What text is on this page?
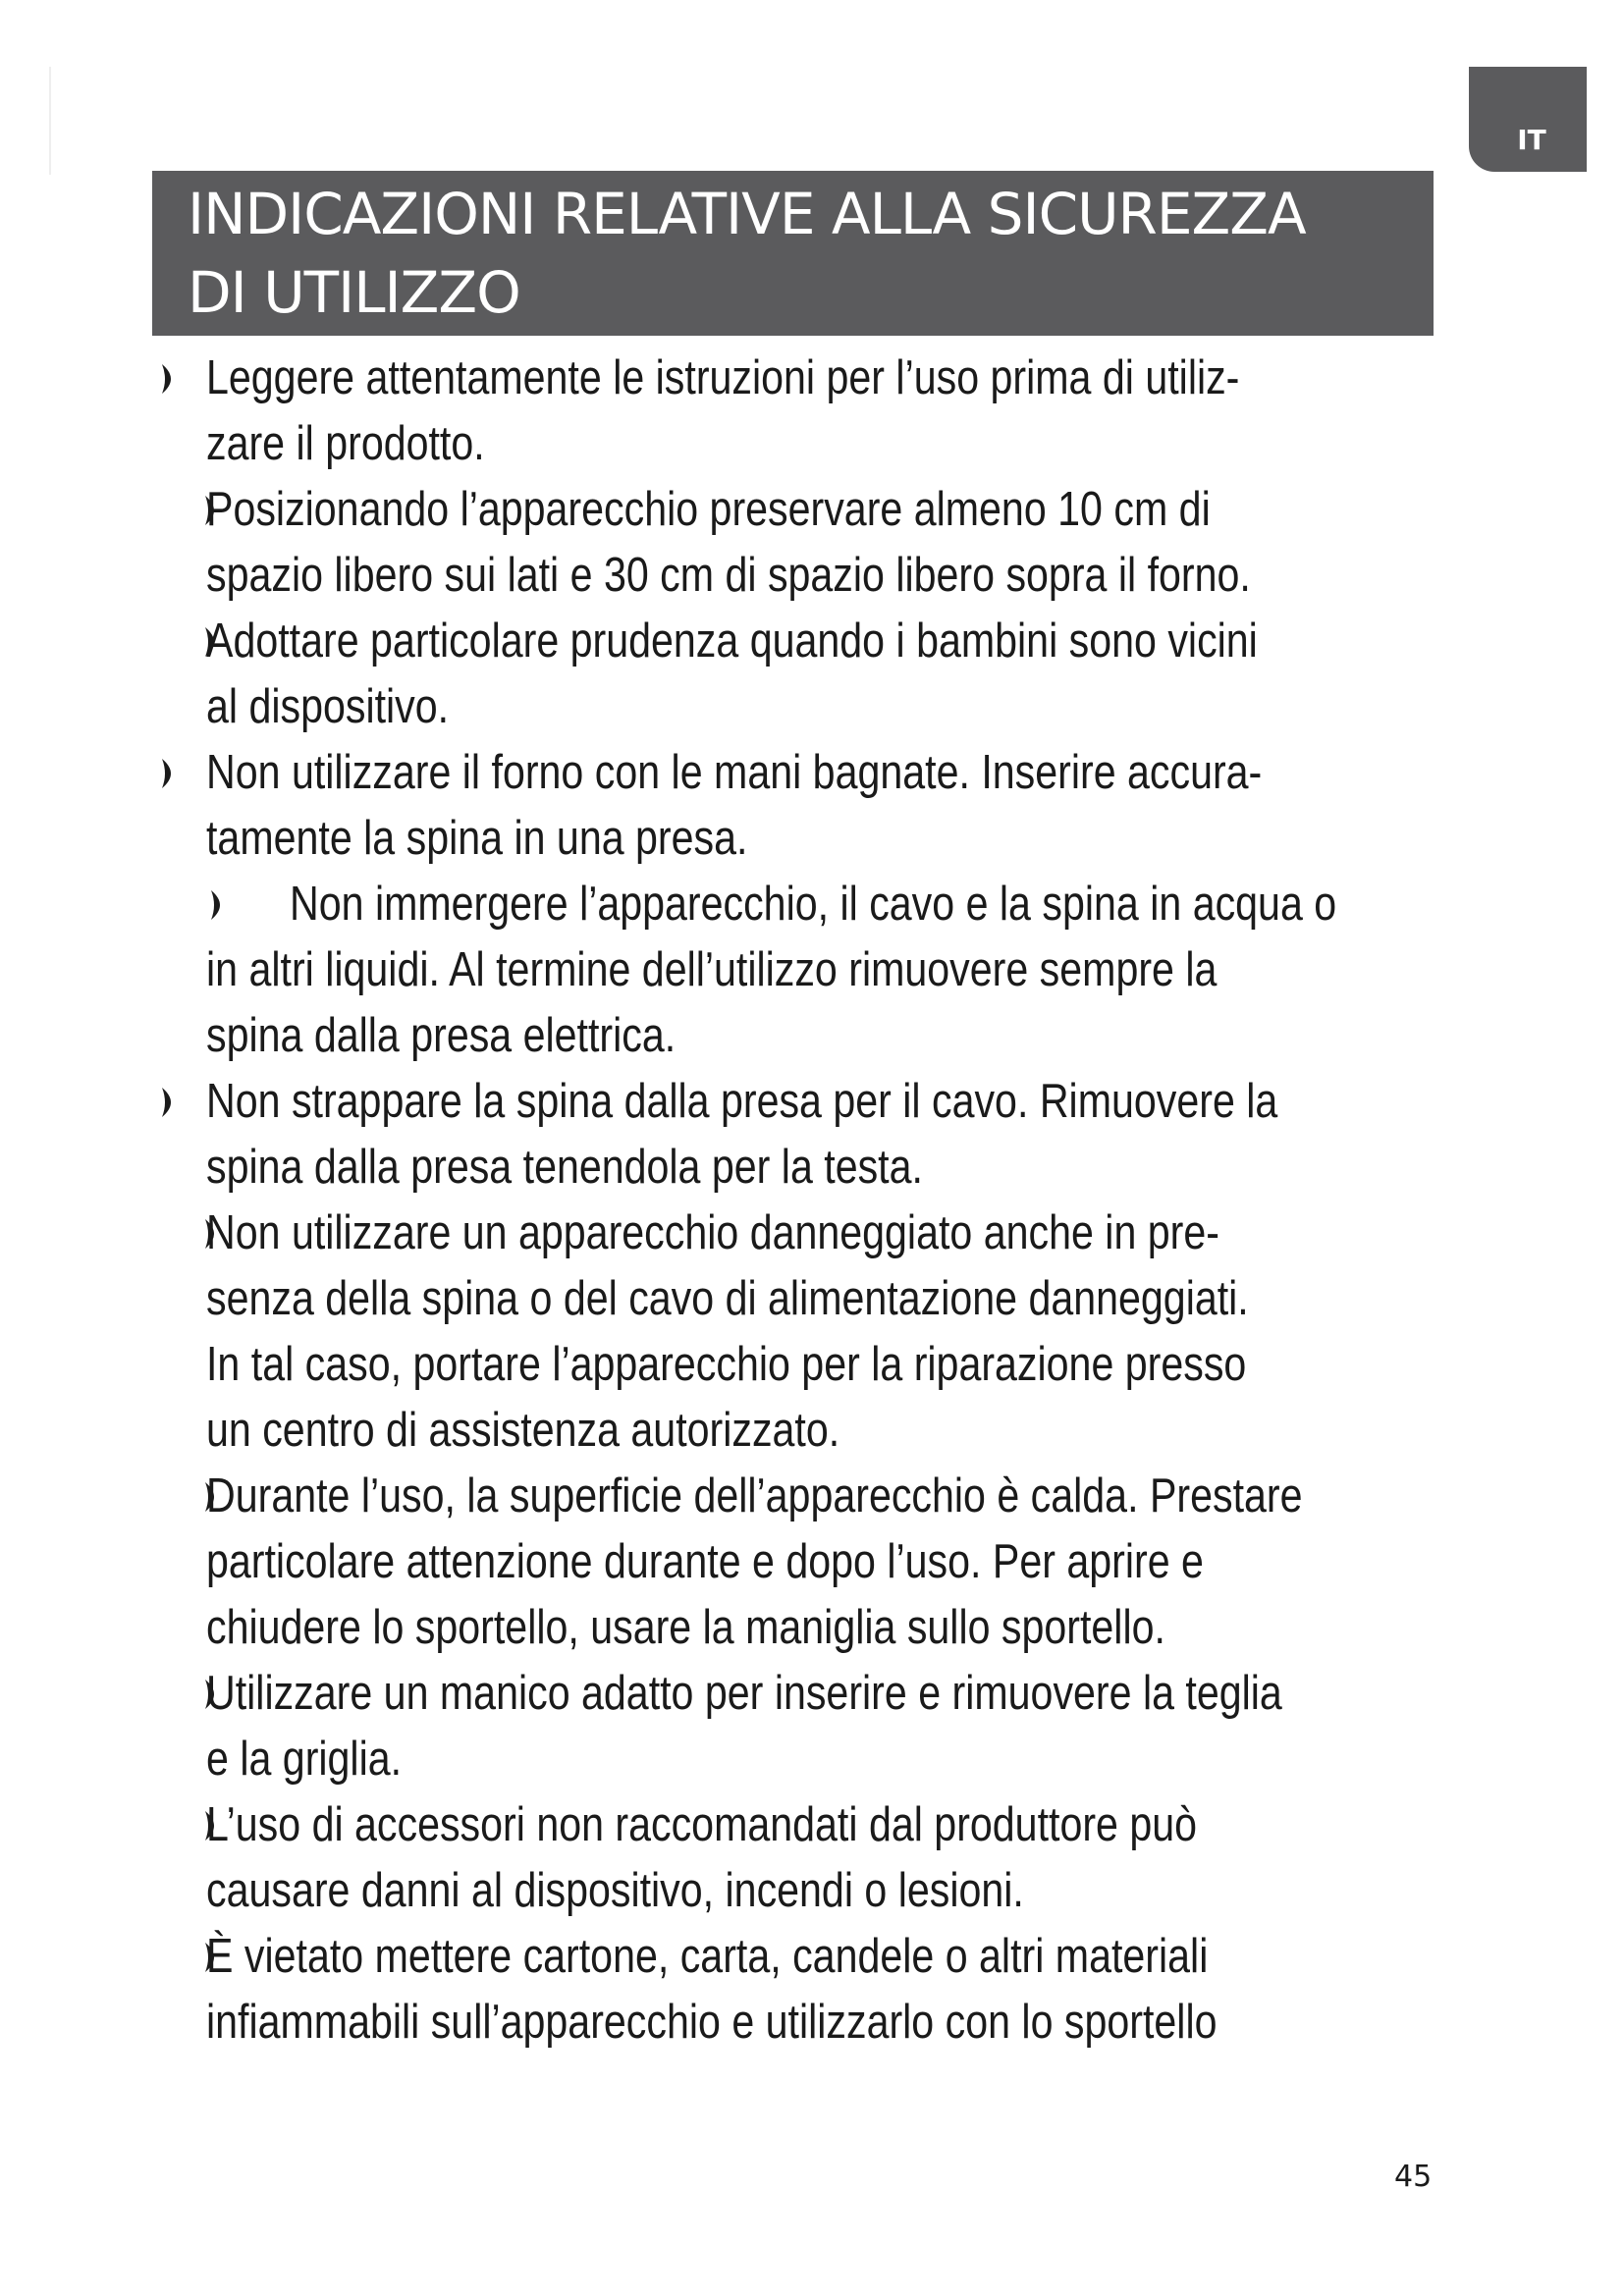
IT
INDICAZIONI RELATIVE ALLA SICUREZZA
DI UTILIZZO
Leggere attentamente le istruzioni per l’uso prima di utiliz-
zare il prodotto.
Posizionando l’apparecchio preservare almeno 10 cm di
spazio libero sui lati e 30 cm di spazio libero sopra il forno.
Adottare particolare prudenza quando i bambini sono vicini
al dispositivo.
Non utilizzare il forno con le mani bagnate. Inserire accura-
tamente la spina in una presa.
Non immergere l’apparecchio, il cavo e la spina in acqua o
in altri liquidi. Al termine dell’utilizzo rimuovere sempre la
spina dalla presa elettrica.
Non strappare la spina dalla presa per il cavo. Rimuovere la
spina dalla presa tenendola per la testa.
Non utilizzare un apparecchio danneggiato anche in pre-
senza della spina o del cavo di alimentazione danneggiati.
In tal caso, portare l’apparecchio per la riparazione presso
un centro di assistenza autorizzato.
Durante l’uso, la superficie dell’apparecchio è calda. Prestare
particolare attenzione durante e dopo l’uso. Per aprire e
chiudere lo sportello, usare la maniglia sullo sportello.
Utilizzare un manico adatto per inserire e rimuovere la teglia
e la griglia.
L’uso di accessori non raccomandati dal produttore può
causare danni al dispositivo, incendi o lesioni.
È vietato mettere cartone, carta, candele o altri materiali
infiammabili sull’apparecchio e utilizzarlo con lo sportello
45
